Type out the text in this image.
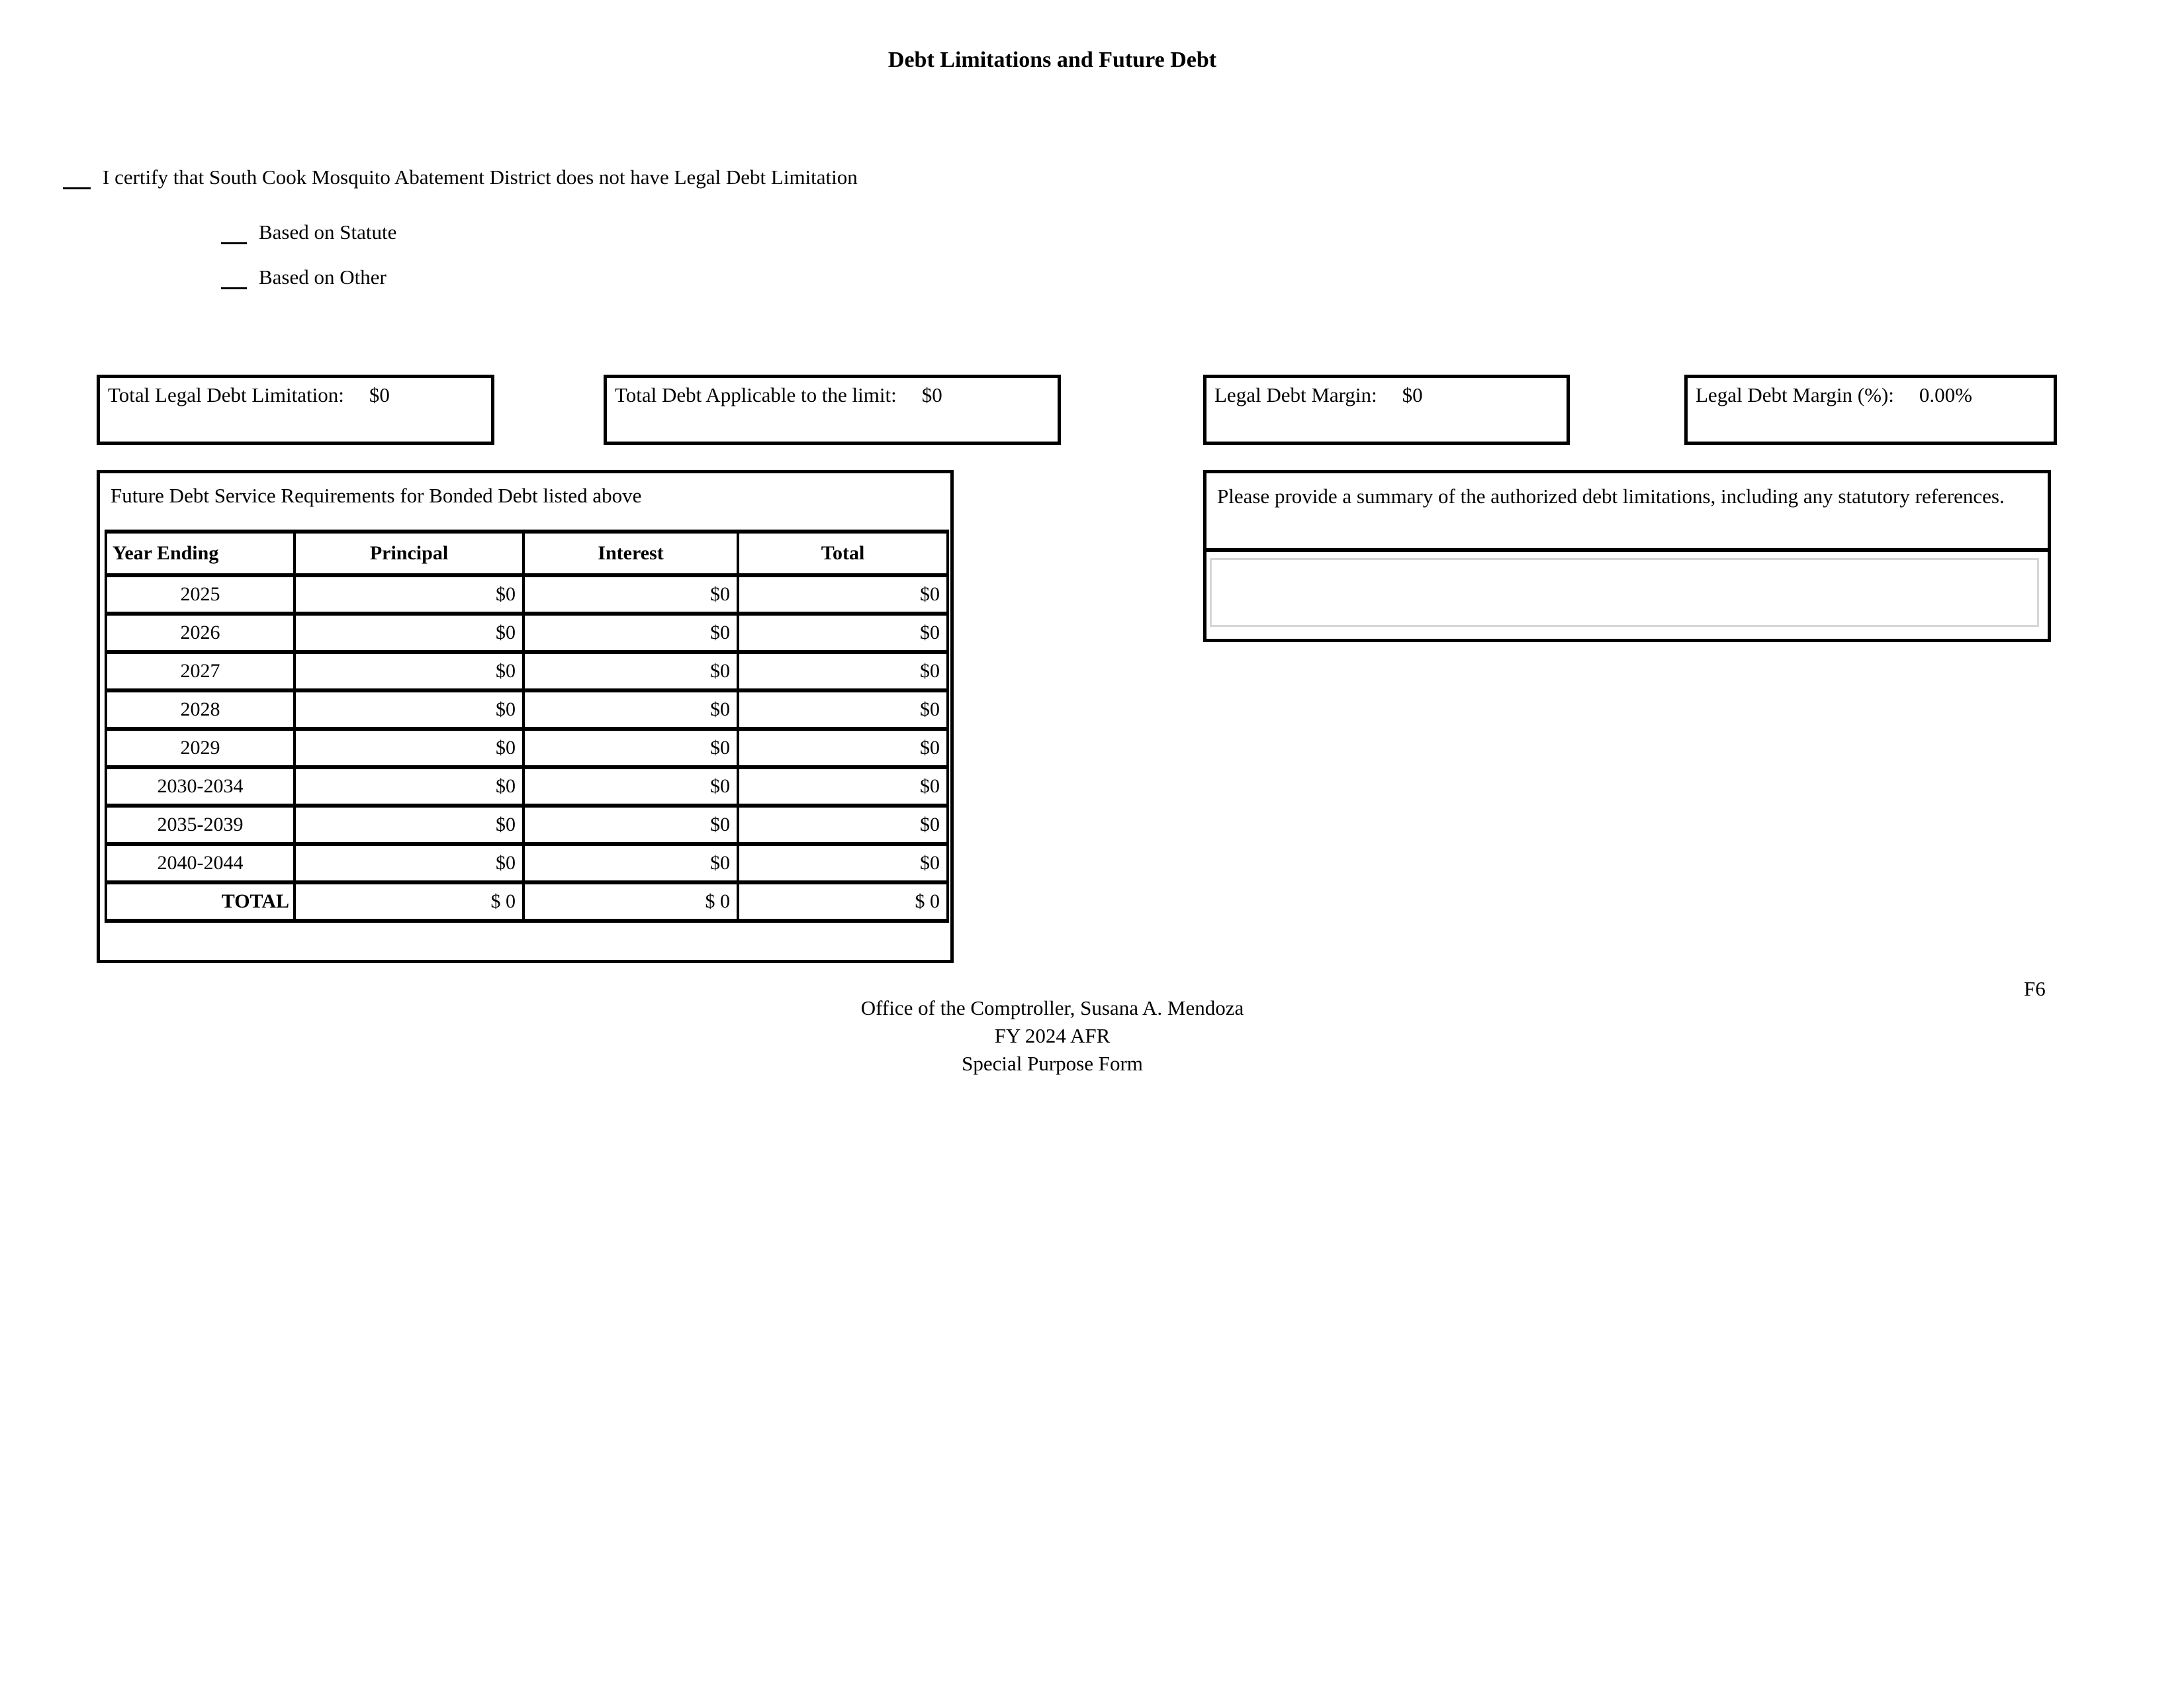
Debt Limitations and Future Debt
I certify that South Cook Mosquito Abatement District does not have Legal Debt Limitation
Based on Statute
Based on Other
Total Legal Debt Limitation: $0	Total Debt Applicable to the limit: $0	Legal Debt Margin: $0	Legal Debt Margin (%): 0.00%
Future Debt Service Requirements for Bonded Debt listed above
Year Ending	Principal	Interest	Total
2025	$0	$0	$0
2026	$0	$0	$0
2027	$0	$0	$0
2028	$0	$0	$0
2029	$0	$0	$0
2030-2034	$0	$0	$0
2035-2039	$0	$0	$0
2040-2044	$0	$0	$0
TOTAL	$ 0	$ 0	$ 0
Please provide a summary of the authorized debt limitations, including any statutory references.
F6
Office of the Comptroller, Susana A. Mendoza
FY 2024 AFR
Special Purpose Form
